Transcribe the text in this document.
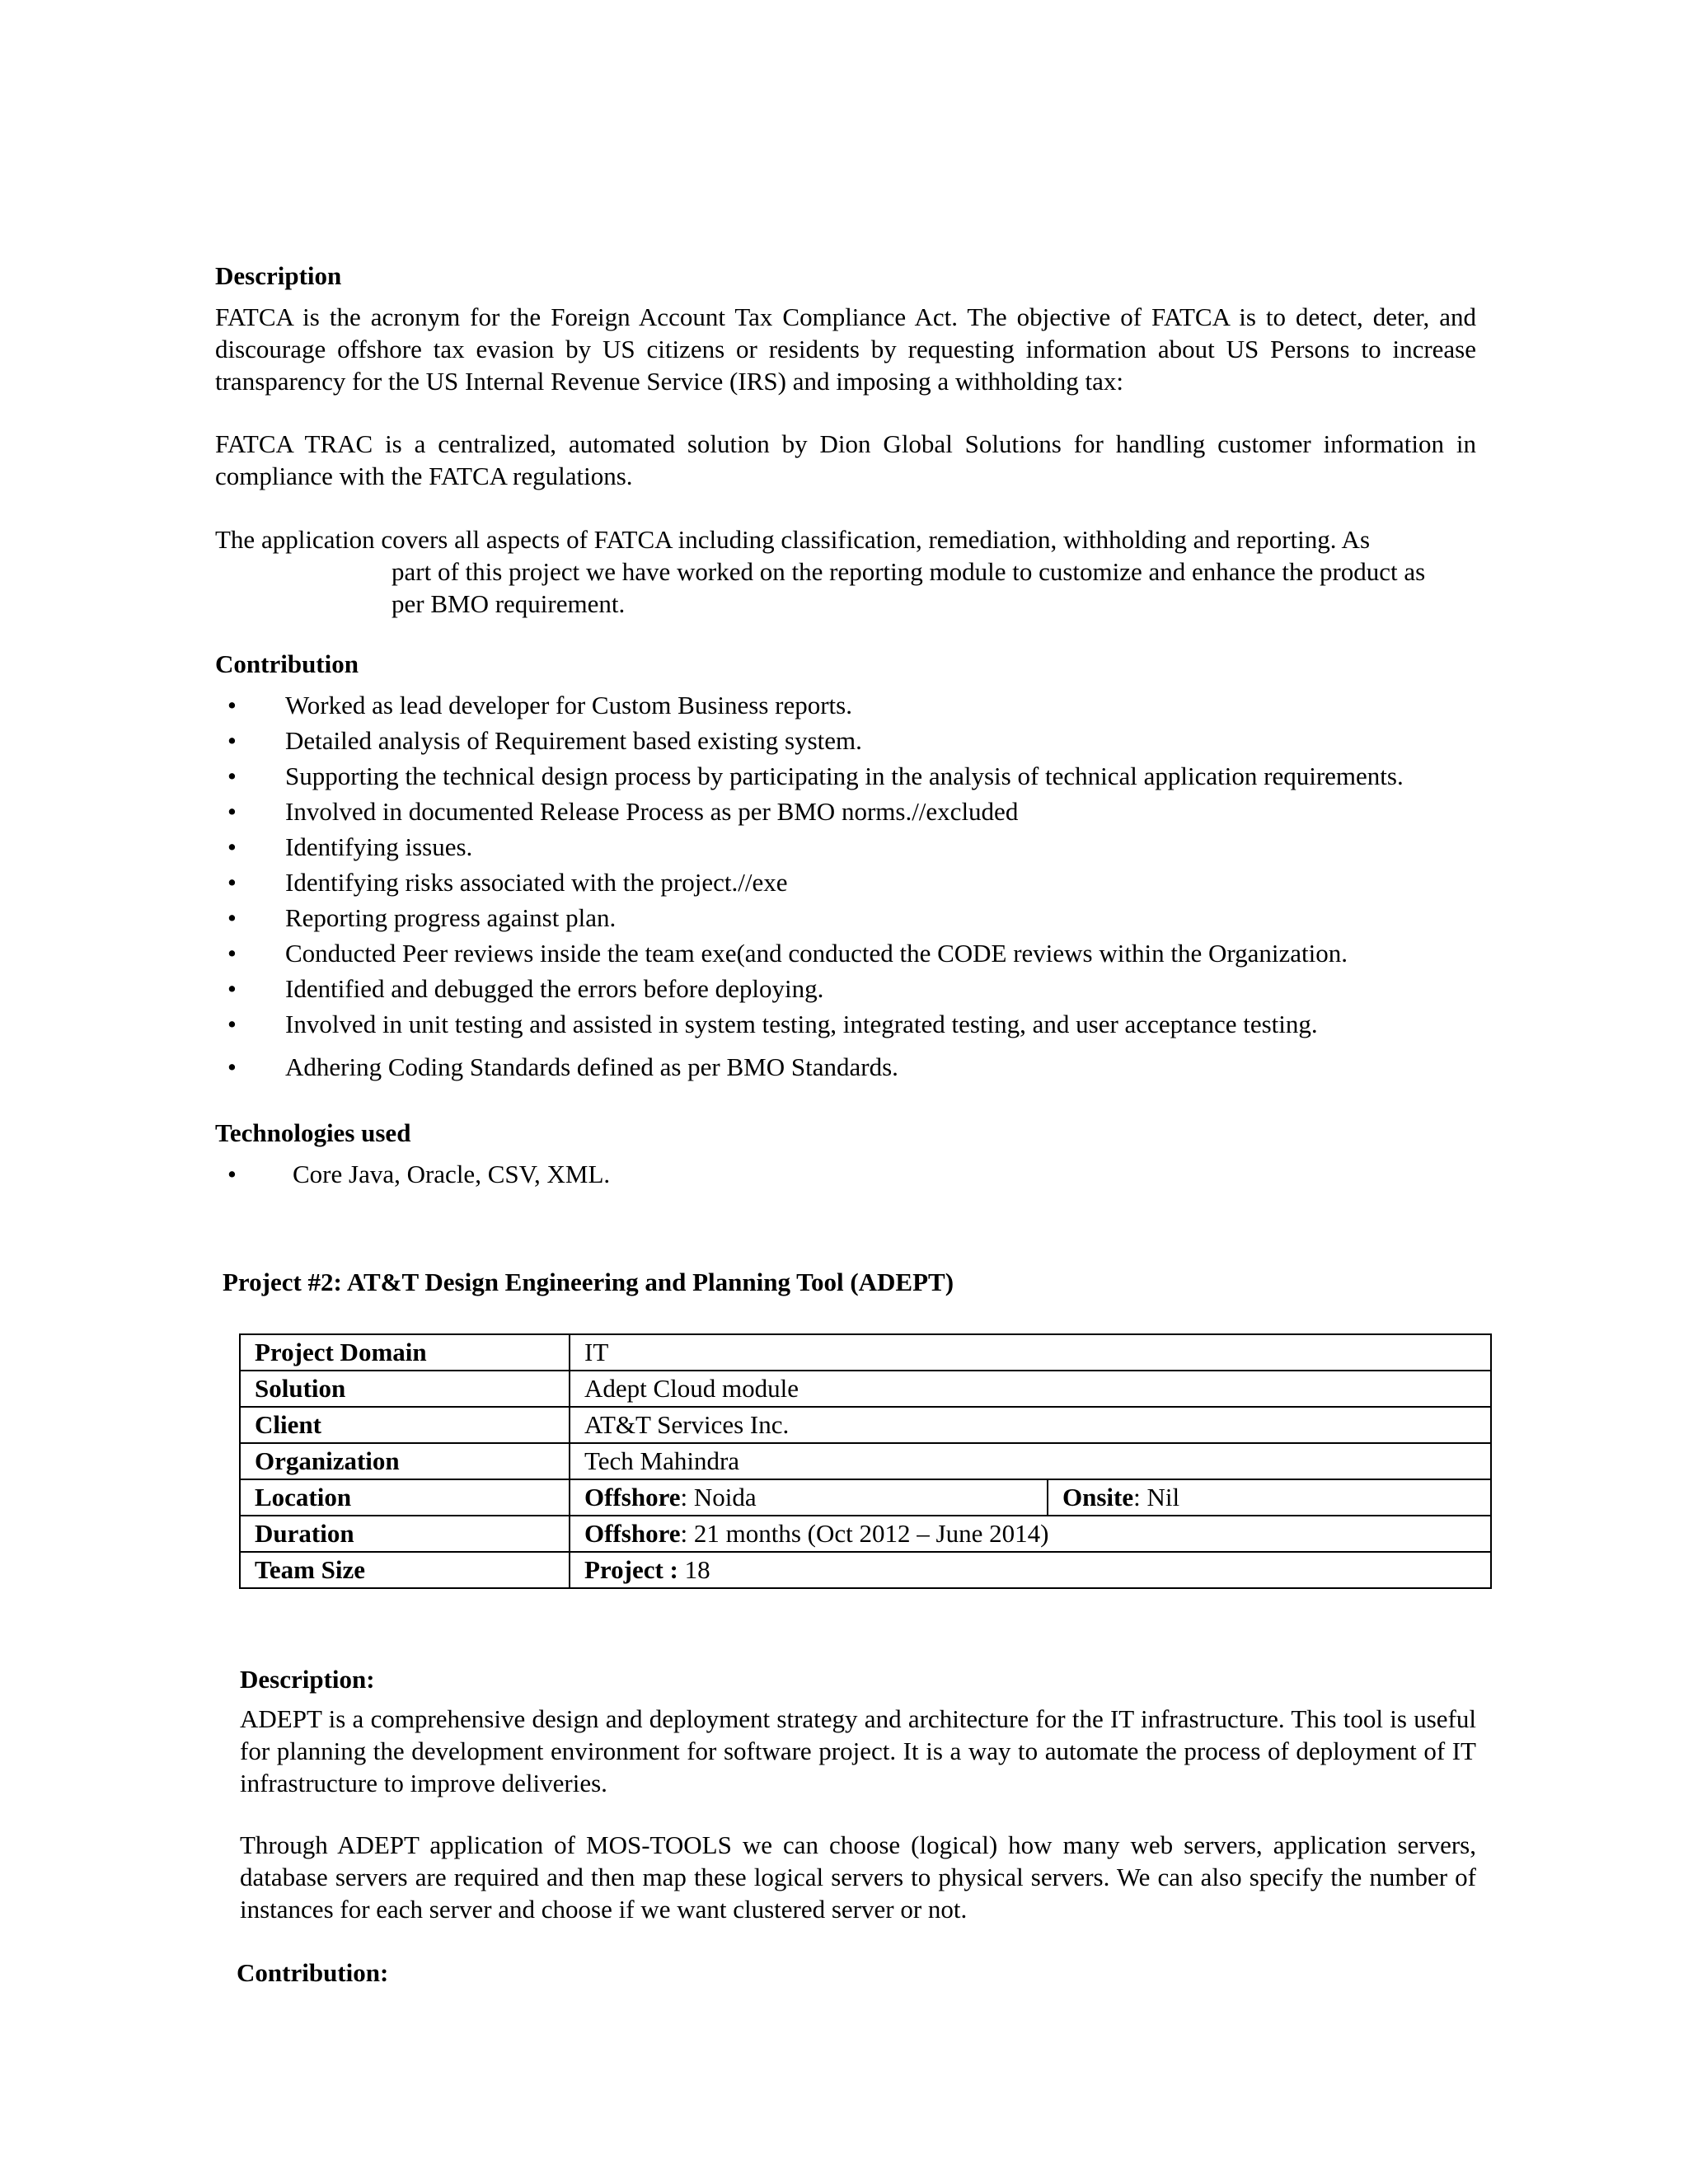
Description

FATCA is the acronym for the Foreign Account Tax Compliance Act. The objective of FATCA is to detect, deter, and discourage offshore tax evasion by US citizens or residents by requesting information about US Persons to increase transparency for the US Internal Revenue Service (IRS) and imposing a withholding tax:

FATCA TRAC is a centralized, automated solution by Dion Global Solutions for handling customer information in compliance with the FATCA regulations.

The application covers all aspects of FATCA including classification, remediation, withholding and reporting. As
part of this project we have worked on the reporting module to customize and enhance the product as
per BMO requirement.

Contribution

• Worked as lead developer for Custom Business reports.
• Detailed analysis of Requirement based existing system.
• Supporting the technical design process by participating in the analysis of technical application requirements.
• Involved in documented Release Process as per BMO norms.//excluded
• Identifying issues.
• Identifying risks associated with the project.//exe
• Reporting progress against plan.
• Conducted Peer reviews inside the team exe(and conducted the CODE reviews within the Organization.
• Identified and debugged the errors before deploying.
• Involved in unit testing and assisted in system testing, integrated testing, and user acceptance testing.
• Adhering Coding Standards defined as per BMO Standards.

Technologies used

• Core Java, Oracle, CSV, XML.
Project #2: AT&T Design Engineering and Planning Tool (ADEPT)
Project Domain	IT	
Solution	Adept Cloud module	
Client	AT&T Services Inc.	
Organization	Tech Mahindra	
Location	Offshore: Noida	Onsite: Nil
Duration	Offshore: 21 months (Oct 2012 – June 2014)	
Team Size	Project : 18	

Description:

ADEPT is a comprehensive design and deployment strategy and architecture for the IT infrastructure. This tool is useful for planning the development environment for software project. It is a way to automate the process of deployment of IT infrastructure to improve deliveries.

Through ADEPT application of MOS-TOOLS we can choose (logical) how many web servers, application servers, database servers are required and then map these logical servers to physical servers. We can also specify the number of instances for each server and choose if we want clustered server or not.

Contribution:
